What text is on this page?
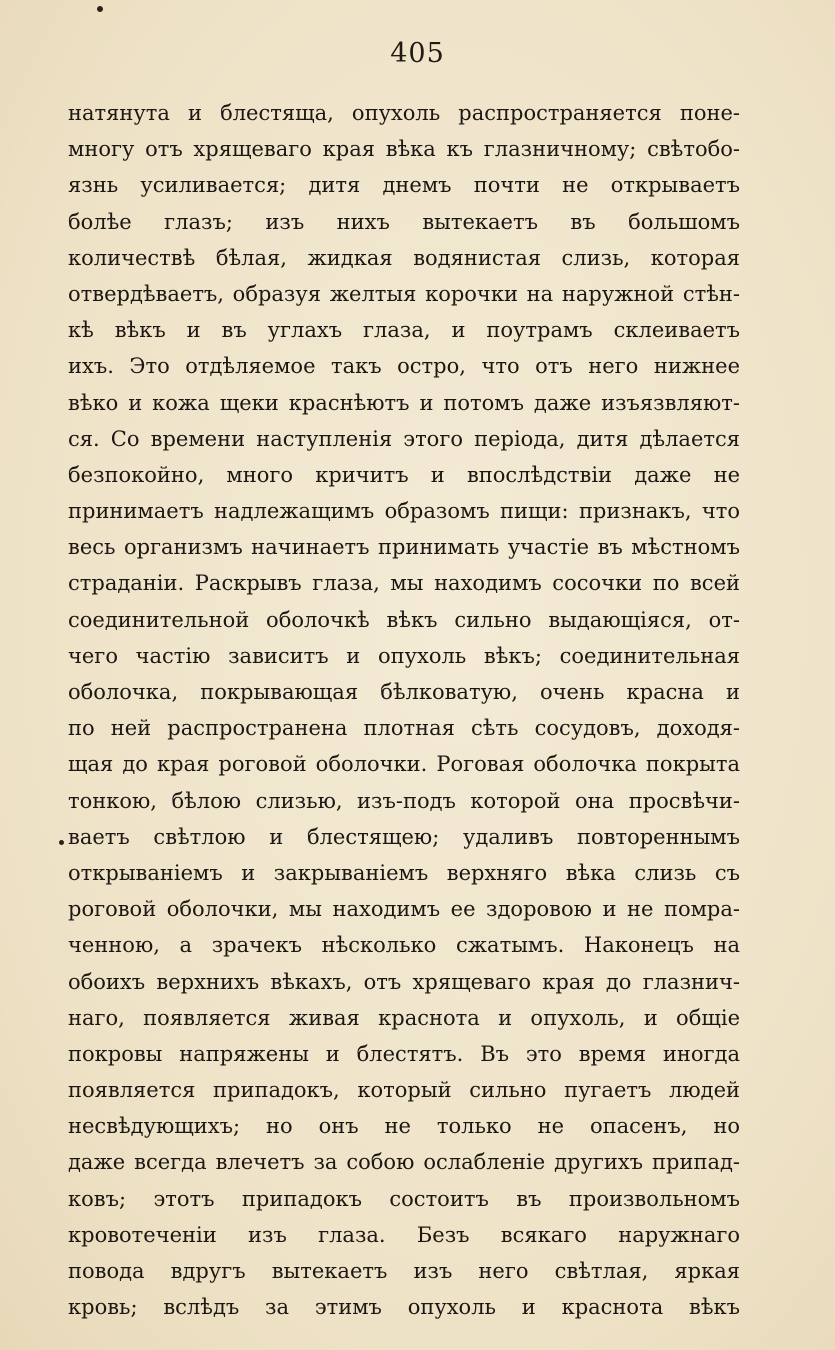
405
натянута и блестяща, опухоль распространяется поне-
многу отъ хрящеваго края вѣка къ глазничному; свѣтобо-
язнь усиливается; дитя днемъ почти не открываетъ
болѣе глазъ; изъ нихъ вытекаетъ въ большомъ
количествѣ бѣлая, жидкая водянистая слизь, которая
отвердѣваетъ, образуя желтыя корочки на наружной стѣн-
кѣ вѣкъ и въ углахъ глаза, и поутрамъ склеиваетъ
ихъ. Это отдѣляемое такъ остро, что отъ него нижнее
вѣко и кожа щеки краснѣютъ и потомъ даже изъязвляют-
ся. Со времени наступленія этого періода, дитя дѣлается
безпокойно, много кричитъ и впослѣдствіи даже не
принимаетъ надлежащимъ образомъ пищи: признакъ, что
весь организмъ начинаетъ принимать участіе въ мѣстномъ
страданіи. Раскрывъ глаза, мы находимъ сосочки по всей
соединительной оболочкѣ вѣкъ сильно выдающіяся, от-
чего частію зависитъ и опухоль вѣкъ; соединительная
оболочка, покрывающая бѣлковатую, очень красна и
по ней распространена плотная сѣть сосудовъ, доходя-
щая до края роговой оболочки. Роговая оболочка покрыта
тонкою, бѣлою слизью, изъ-подъ которой она просвѣчи-
ваетъ свѣтлою и блестящею; удаливъ повтореннымъ
открываніемъ и закрываніемъ верхняго вѣка слизь съ
роговой оболочки, мы находимъ ее здоровою и не помра-
ченною, а зрачекъ нѣсколько сжатымъ. Наконецъ на
обоихъ верхнихъ вѣкахъ, отъ хрящеваго края до глазнич-
наго, появляется живая краснота и опухоль, и общіе
покровы напряжены и блестятъ. Въ это время иногда
появляется припадокъ, который сильно пугаетъ людей
несвѣдующихъ; но онъ не только не опасенъ, но
даже всегда влечетъ за собою ослабленіе другихъ припад-
ковъ; этотъ припадокъ состоитъ въ произвольномъ
кровотеченіи изъ глаза. Безъ всякаго наружнаго
повода вдругъ вытекаетъ изъ него свѣтлая, яркая
кровь; вслѣдъ за этимъ опухоль и краснота вѣкъ
